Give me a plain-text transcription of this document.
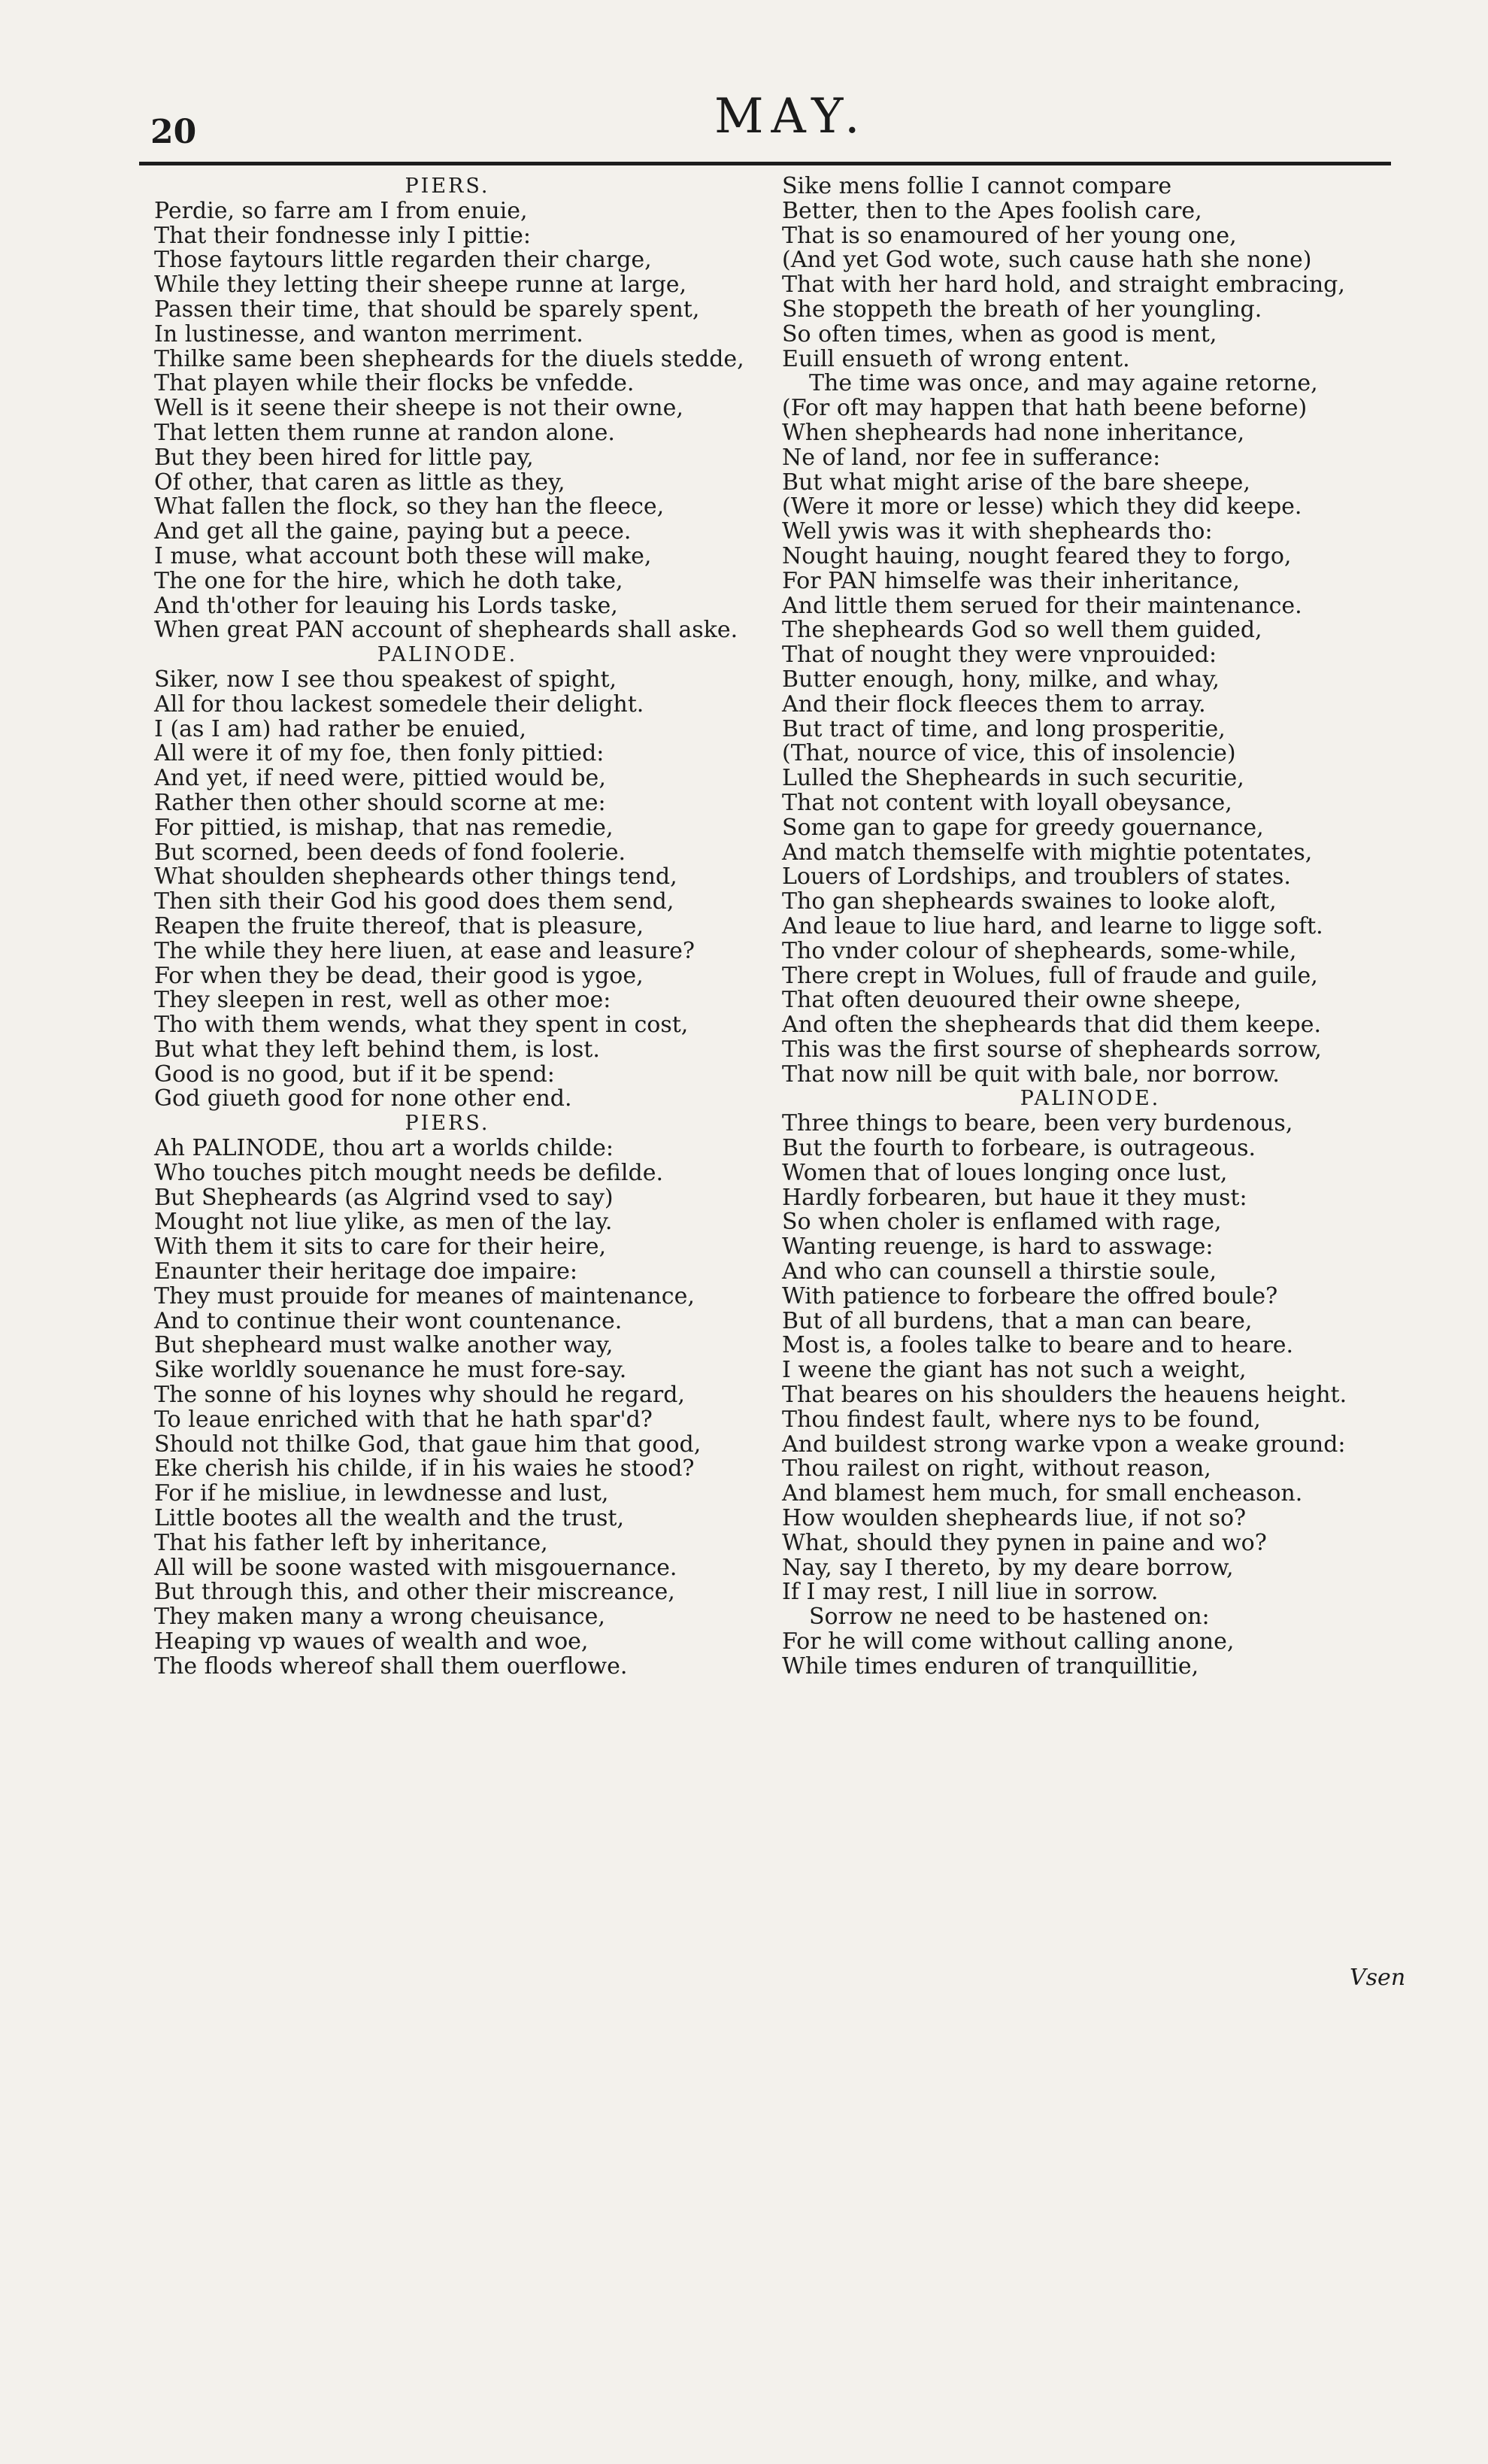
20	MAY.
PIERS.
Perdie, so farre am I from enuie,
That their fondnesse inly I pittie:
Those faytours little regarden their charge,
While they letting their sheepe runne at large,
Passen their time, that should be sparely spent,
In lustinesse, and wanton merriment.
Thilke same been shepheards for the diuels stedde,
That playen while their flocks be vnfedde.
Well is it seene their sheepe is not their owne,
That letten them runne at randon alone.
But they been hired for little pay,
Of other, that caren as little as they,
What fallen the flock, so they han the fleece,
And get all the gaine, paying but a peece.
I muse, what account both these will make,
The one for the hire, which he doth take,
And th'other for leauing his Lords taske,
When great PAN account of shepheards shall aske.
PALINODE.
Siker, now I see thou speakest of spight,
All for thou lackest somedele their delight.
I (as I am) had rather be enuied,
All were it of my foe, then fonly pittied:
And yet, if need were, pittied would be,
Rather then other should scorne at me:
For pittied, is mishap, that nas remedie,
But scorned, been deeds of fond foolerie.
What shoulden shepheards other things tend,
Then sith their God his good does them send,
Reapen the fruite thereof, that is pleasure,
The while they here liuen, at ease and leasure?
For when they be dead, their good is ygoe,
They sleepen in rest, well as other moe:
Tho with them wends, what they spent in cost,
But what they left behind them, is lost.
Good is no good, but if it be spend:
God giueth good for none other end.
PIERS.
Ah PALINODE, thou art a worlds childe:
Who touches pitch mought needs be defilde.
But Shepheards (as Algrind vsed to say)
Mought not liue ylike, as men of the lay.
With them it sits to care for their heire,
Enaunter their heritage doe impaire:
They must prouide for meanes of maintenance,
And to continue their wont countenance.
But shepheard must walke another way,
Sike worldly souenance he must fore-say.
The sonne of his loynes why should he regard,
To leaue enriched with that he hath spar'd?
Should not thilke God, that gaue him that good,
Eke cherish his childe, if in his waies he stood?
For if he misliue, in lewdnesse and lust,
Little bootes all the wealth and the trust,
That his father left by inheritance,
All will be soone wasted with misgouernance.
But through this, and other their miscreance,
They maken many a wrong cheuisance,
Heaping vp waues of wealth and woe,
The floods whereof shall them ouerflowe.
Sike mens follie I cannot compare
Better, then to the Apes foolish care,
That is so enamoured of her young one,
(And yet God wote, such cause hath she none)
That with her hard hold, and straight embracing,
She stoppeth the breath of her youngling.
So often times, when as good is ment,
Euill ensueth of wrong entent.
The time was once, and may againe retorne,
(For oft may happen that hath beene beforne)
When shepheards had none inheritance,
Ne of land, nor fee in sufferance:
But what might arise of the bare sheepe,
(Were it more or lesse) which they did keepe.
Well ywis was it with shepheards tho:
Nought hauing, nought feared they to forgo,
For PAN himselfe was their inheritance,
And little them serued for their maintenance.
The shepheards God so well them guided,
That of nought they were vnprouided:
Butter enough, hony, milke, and whay,
And their flock fleeces them to array.
But tract of time, and long prosperitie,
(That, nource of vice, this of insolencie)
Lulled the Shepheards in such securitie,
That not content with loyall obeysance,
Some gan to gape for greedy gouernance,
And match themselfe with mightie potentates,
Louers of Lordships, and troublers of states.
Tho gan shepheards swaines to looke aloft,
And leaue to liue hard, and learne to ligge soft.
Tho vnder colour of shepheards, some-while,
There crept in Wolues, full of fraude and guile,
That often deuoured their owne sheepe,
And often the shepheards that did them keepe.
This was the first sourse of shepheards sorrow,
That now nill be quit with bale, nor borrow.
PALINODE.
Three things to beare, been very burdenous,
But the fourth to forbeare, is outrageous.
Women that of loues longing once lust,
Hardly forbearen, but haue it they must:
So when choler is enflamed with rage,
Wanting reuenge, is hard to asswage:
And who can counsell a thirstie soule,
With patience to forbeare the offred boule?
But of all burdens, that a man can beare,
Most is, a fooles talke to beare and to heare.
I weene the giant has not such a weight,
That beares on his shoulders the heauens height.
Thou findest fault, where nys to be found,
And buildest strong warke vpon a weake ground:
Thou railest on right, without reason,
And blamest hem much, for small encheason.
How woulden shepheards liue, if not so?
What, should they pynen in paine and wo?
Nay, say I thereto, by my deare borrow,
If I may rest, I nill liue in sorrow.
Sorrow ne need to be hastened on:
For he will come without calling anone,
While times enduren of tranquillitie,
Vsen
